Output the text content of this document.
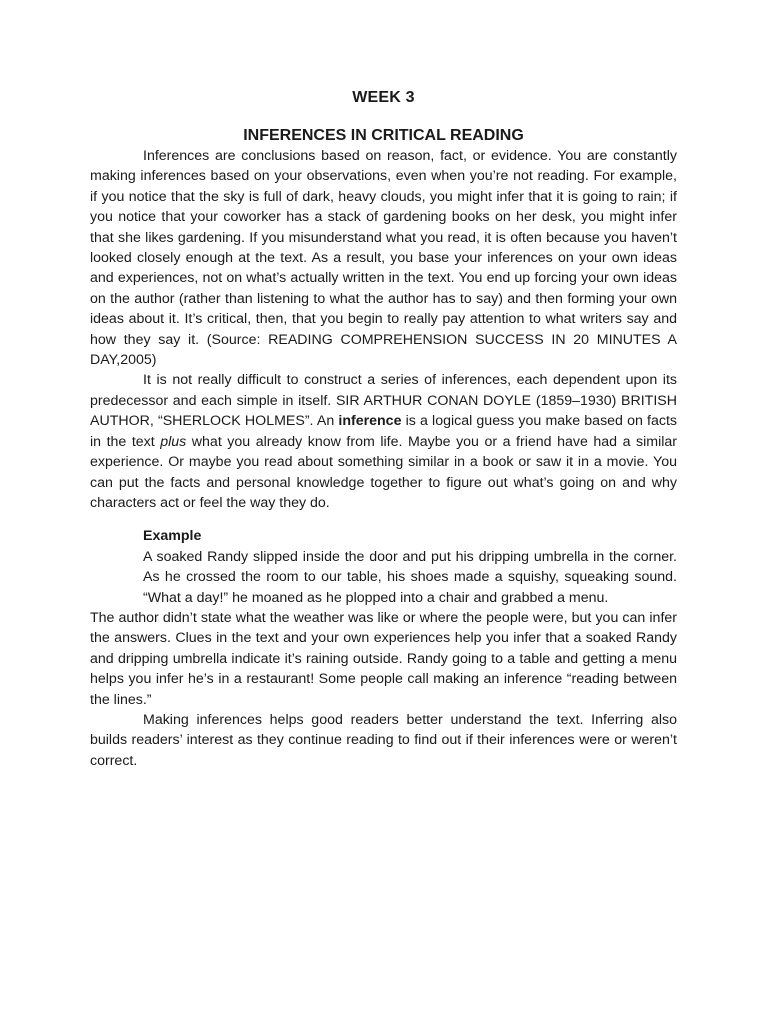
WEEK 3
INFERENCES IN CRITICAL READING

Inferences are conclusions based on reason, fact, or evidence. You are constantly making inferences based on your observations, even when you’re not reading. For example, if you notice that the sky is full of dark, heavy clouds, you might infer that it is going to rain; if you notice that your coworker has a stack of gardening books on her desk, you might infer that she likes gardening. If you misunderstand what you read, it is often because you haven’t looked closely enough at the text. As a result, you base your inferences on your own ideas and experiences, not on what’s actually written in the text. You end up forcing your own ideas on the author (rather than listening to what the author has to say) and then forming your own ideas about it. It’s critical, then, that you begin to really pay attention to what writers say and how they say it. (Source: READING COMPREHENSION SUCCESS IN 20 MINUTES A DAY,2005)

It is not really difficult to construct a series of inferences, each dependent upon its predecessor and each simple in itself. SIR ARTHUR CONAN DOYLE (1859–1930) BRITISH AUTHOR, “SHERLOCK HOLMES”. An inference is a logical guess you make based on facts in the text plus what you already know from life. Maybe you or a friend have had a similar experience. Or maybe you read about something similar in a book or saw it in a movie. You can put the facts and personal knowledge together to figure out what’s going on and why characters act or feel the way they do.

Example

A soaked Randy slipped inside the door and put his dripping umbrella in the corner. As he crossed the room to our table, his shoes made a squishy, squeaking sound. “What a day!” he moaned as he plopped into a chair and grabbed a menu.

The author didn’t state what the weather was like or where the people were, but you can infer the answers. Clues in the text and your own experiences help you infer that a soaked Randy and dripping umbrella indicate it’s raining outside. Randy going to a table and getting a menu helps you infer he’s in a restaurant! Some people call making an inference “reading between the lines.”

Making inferences helps good readers better understand the text. Inferring also builds readers’ interest as they continue reading to find out if their inferences were or weren’t correct.
